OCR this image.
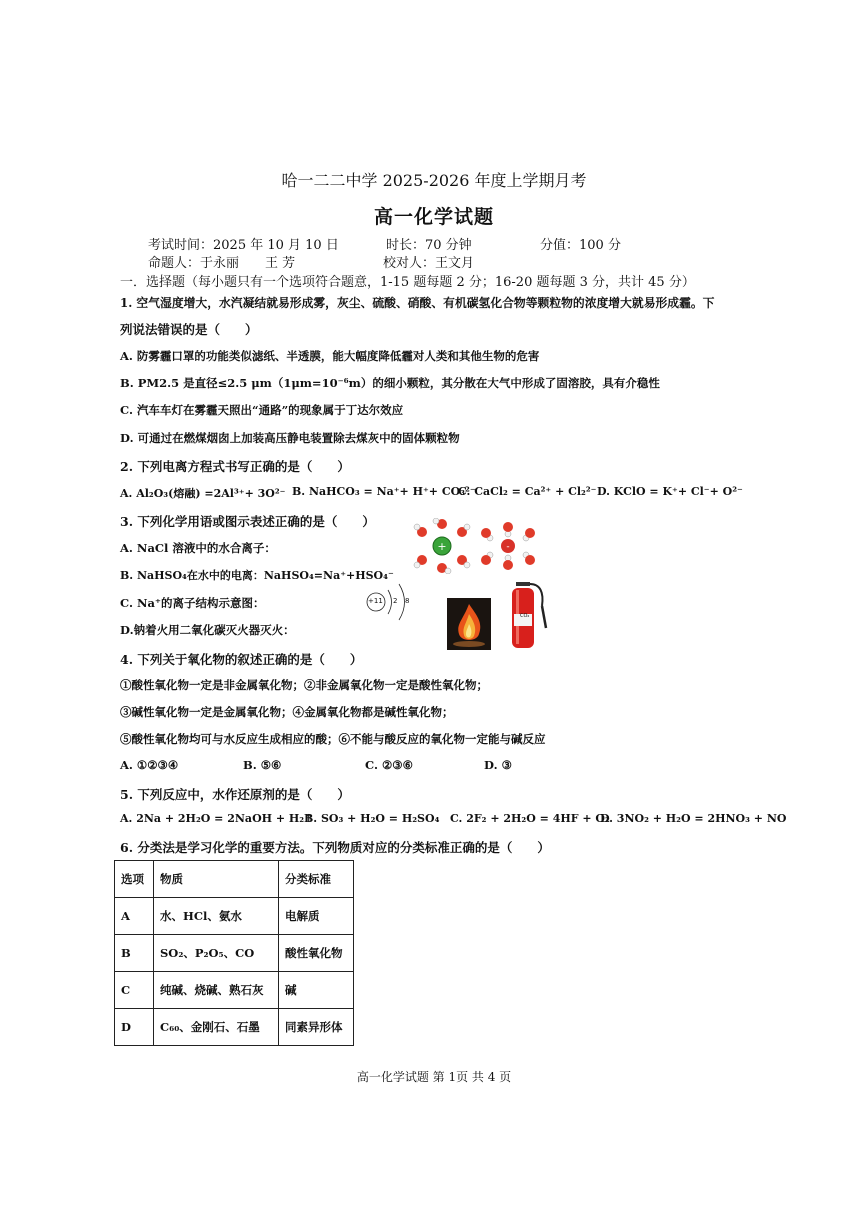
哈一二二中学 2025-2026 年度上学期月考
高一化学试题
考试时间：2025 年 10 月 10 日	时长：70 分钟	分值：100 分
命题人：于永丽　　王 芳	校对人：王文月
一．选择题（每小题只有一个选项符合题意，1-15 题每题 2 分；16-20 题每题 3 分，共计 45 分）
1. 空气湿度增大，水汽凝结就易形成雾，灰尘、硫酸、硝酸、有机碳氢化合物等颗粒物的浓度增大就易形成霾。下
列说法错误的是（　　）
A. 防雾霾口罩的功能类似滤纸、半透膜，能大幅度降低霾对人类和其他生物的危害
B. PM2.5 是直径≤2.5 μm（1μm=10⁻⁶m）的细小颗粒，其分散在大气中形成了固溶胶，具有介稳性
C. 汽车车灯在雾霾天照出“通路”的现象属于丁达尔效应
D. 可通过在燃煤烟囱上加装高压静电装置除去煤灰中的固体颗粒物
2. 下列电离方程式书写正确的是（　　）
A. Al₂O₃(熔融) =2Al³⁺+ 3O²⁻ B. NaHCO₃ = Na⁺+ H⁺+ CO₃²⁻
C. CaCl₂ = Ca²⁺ + Cl₂²⁻ D. KClO = K⁺+ Cl⁻+ O²⁻
3. 下列化学用语或图示表述正确的是（　　）
A. NaCl 溶液中的水合离子：
B. NaHSO₄在水中的电离：NaHSO₄=Na⁺+HSO₄⁻
C. Na⁺的离子结构示意图：
D.钠着火用二氧化碳灭火器灭火：
+	-
+11 2 8
CO₂
4. 下列关于氧化物的叙述正确的是（　　）
①酸性氧化物一定是非金属氧化物；②非金属氧化物一定是酸性氧化物；
③碱性氧化物一定是金属氧化物；④金属氧化物都是碱性氧化物；
⑤酸性氧化物均可与水反应生成相应的酸；⑥不能与酸反应的氧化物一定能与碱反应
A. ①②③④	B. ⑤⑥	C. ②③⑥	D. ③
5. 下列反应中，水作还原剂的是（　　）
A. 2Na + 2H₂O = 2NaOH + H₂↑
B. SO₃ + H₂O = H₂SO₄ C. 2F₂ + 2H₂O = 4HF + O₂
D. 3NO₂ + H₂O = 2HNO₃ + NO
6. 分类法是学习化学的重要方法。下列物质对应的分类标准正确的是（　　）
选项	物质	分类标准
A	水、HCl、氨水	电解质
B	SO₂、P₂O₅、CO	酸性氧化物
C	纯碱、烧碱、熟石灰	碱
D	C₆₀、金刚石、石墨	同素异形体
高一化学试题 第 1页 共 4 页
